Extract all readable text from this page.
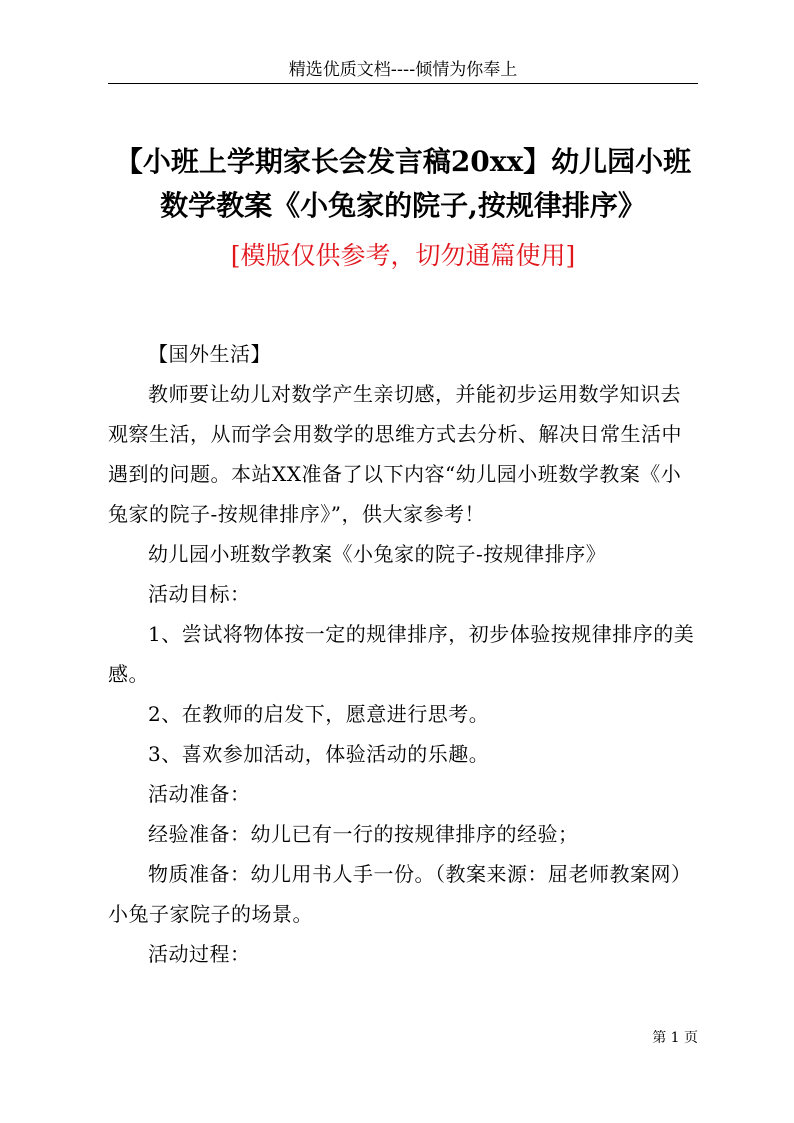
精选优质文档----倾情为你奉上
【小班上学期家长会发言稿20xx】幼儿园小班
数学教案《小兔家的院子,按规律排序》
[模版仅供参考，切勿通篇使用]

【国外生活】

教师要让幼儿对数学产生亲切感，并能初步运用数学知识去观察生活，从而学会用数学的思维方式去分析、解决日常生活中遇到的问题。本站XX准备了以下内容“幼儿园小班数学教案《小兔家的院子-按规律排序》”，供大家参考！

幼儿园小班数学教案《小兔家的院子-按规律排序》

活动目标：

1、尝试将物体按一定的规律排序，初步体验按规律排序的美感。

2、在教师的启发下，愿意进行思考。

3、喜欢参加活动，体验活动的乐趣。

活动准备：

经验准备：幼儿已有一行的按规律排序的经验；

物质准备：幼儿用书人手一份。（教案来源：屈老师教案网）小兔子家院子的场景。

活动过程：

第 1 页
